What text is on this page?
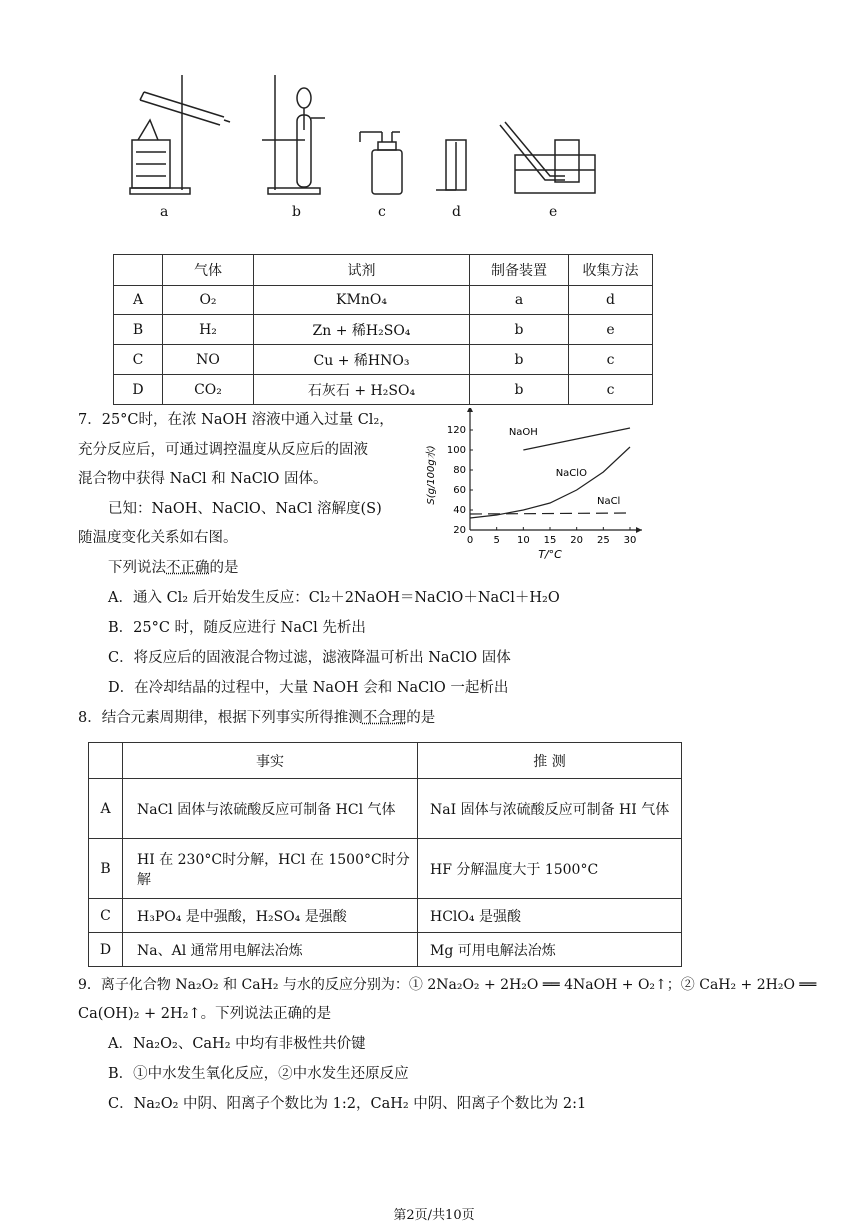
a	b	c	d	e
	气体	试剂	制备装置	收集方法
A	O₂	KMnO₄	a	d
B	H₂	Zn + 稀H₂SO₄	b	e
C	NO	Cu + 稀HNO₃	b	c
D	CO₂	石灰石 + H₂SO₄	b	c
7．25°C时，在浓 NaOH 溶液中通入过量 Cl₂，
充分反应后，可通过调控温度从反应后的固液
混合物中获得 NaCl 和 NaClO 固体。
已知：NaOH、NaClO、NaCl 溶解度(S)
随温度变化关系如右图。
下列说法不正确的是
A．通入 Cl₂ 后开始发生反应：Cl₂＋2NaOH＝NaClO＋NaCl＋H₂O
B．25°C 时，随反应进行 NaCl 先析出
C．将反应后的固液混合物过滤，滤液降温可析出 NaClO 固体
D．在冷却结晶的过程中，大量 NaOH 会和 NaClO 一起析出
0 5 10 15 20 25 30
20
40
60
80
100
120
T/°C
S(g/100g水)
NaOH
NaClO
NaCl
8．结合元素周期律，根据下列事实所得推测不合理的是
	事实	推 测
A	NaCl 固体与浓硫酸反应可制备 HCl 气体	NaI 固体与浓硫酸反应可制备 HI 气体
B	HI 在 230°C时分解，HCl 在 1500°C时分解	HF 分解温度大于 1500°C
C	H₃PO₄ 是中强酸，H₂SO₄ 是强酸	HClO₄ 是强酸
D	Na、Al 通常用电解法冶炼	Mg 可用电解法冶炼
9．离子化合物 Na₂O₂ 和 CaH₂ 与水的反应分别为：① 2Na₂O₂ + 2H₂O ══ 4NaOH + O₂↑；② CaH₂ + 2H₂O ══
Ca(OH)₂ + 2H₂↑。下列说法正确的是
A．Na₂O₂、CaH₂ 中均有非极性共价键
B．①中水发生氧化反应，②中水发生还原反应
C．Na₂O₂ 中阴、阳离子个数比为 1:2，CaH₂ 中阴、阳离子个数比为 2:1
第2页/共10页
